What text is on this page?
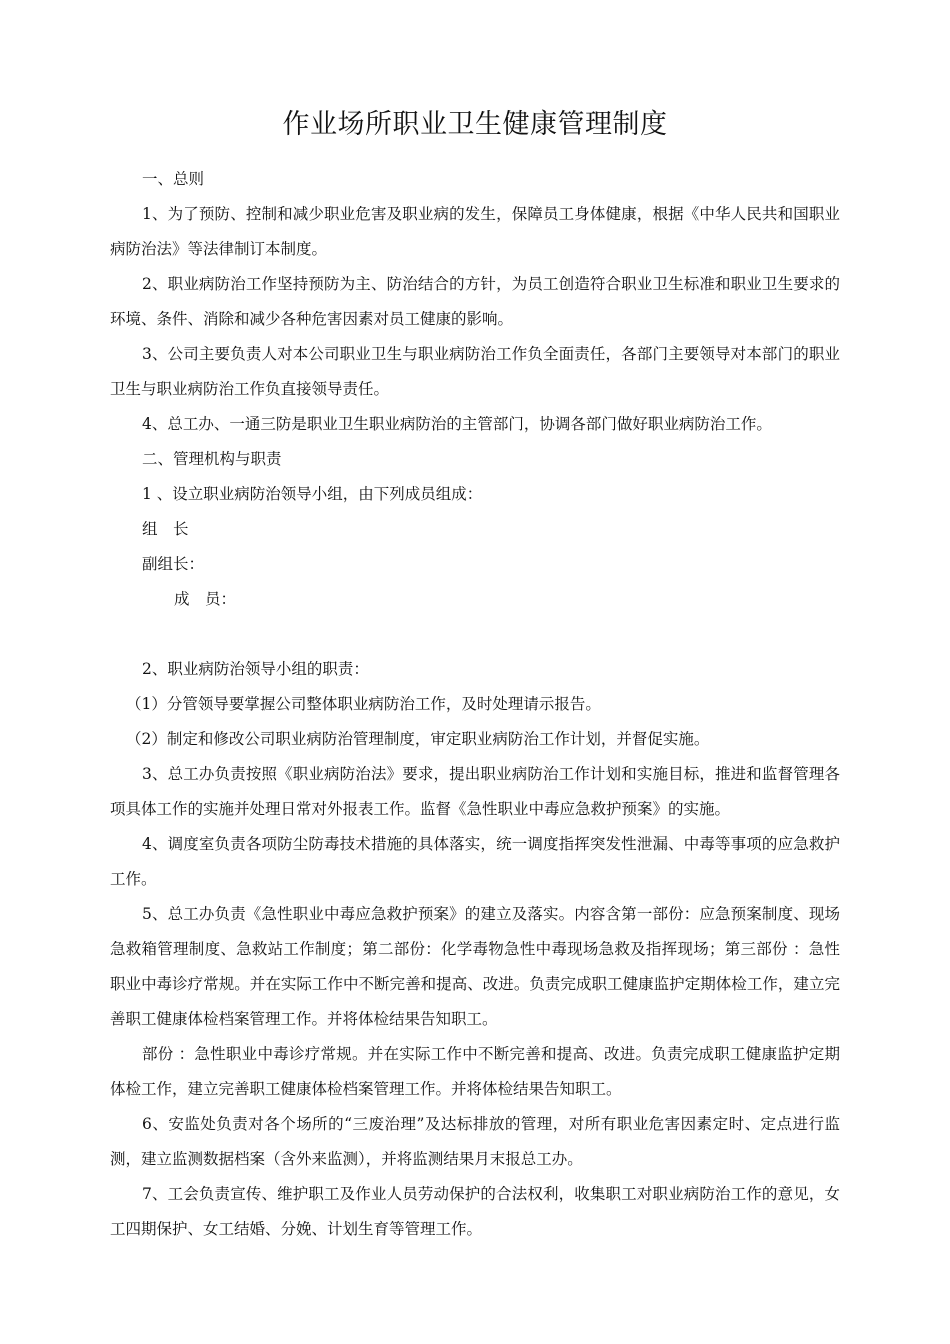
作业场所职业卫生健康管理制度

一、总则

1、为了预防、控制和减少职业危害及职业病的发生，保障员工身体健康，根据《中华人民共和国职业病防治法》等法律制订本制度。

2、职业病防治工作坚持预防为主、防治结合的方针，为员工创造符合职业卫生标准和职业卫生要求的环境、条件、消除和减少各种危害因素对员工健康的影响。

3、公司主要负责人对本公司职业卫生与职业病防治工作负全面责任，各部门主要领导对本部门的职业卫生与职业病防治工作负直接领导责任。

4、总工办、一通三防是职业卫生职业病防治的主管部门，协调各部门做好职业病防治工作。

二、管理机构与职责

1 、设立职业病防治领导小组，由下列成员组成：

组　长

副组长：

成　员：

2、职业病防治领导小组的职责：

（1）分管领导要掌握公司整体职业病防治工作，及时处理请示报告。

（2）制定和修改公司职业病防治管理制度，审定职业病防治工作计划，并督促实施。

3、总工办负责按照《职业病防治法》要求，提出职业病防治工作计划和实施目标，推进和监督管理各项具体工作的实施并处理日常对外报表工作。监督《急性职业中毒应急救护预案》的实施。

4、调度室负责各项防尘防毒技术措施的具体落实，统一调度指挥突发性泄漏、中毒等事项的应急救护工作。

5、总工办负责《急性职业中毒应急救护预案》的建立及落实。内容含第一部份：应急预案制度、现场急救箱管理制度、急救站工作制度；第二部份：化学毒物急性中毒现场急救及指挥现场；第三部份 ：急性职业中毒诊疗常规。并在实际工作中不断完善和提高、改进。负责完成职工健康监护定期体检工作，建立完善职工健康体检档案管理工作。并将体检结果告知职工。

部份 ：急性职业中毒诊疗常规。并在实际工作中不断完善和提高、改进。负责完成职工健康监护定期体检工作，建立完善职工健康体检档案管理工作。并将体检结果告知职工。

6、安监处负责对各个场所的“三废治理”及达标排放的管理，对所有职业危害因素定时、定点进行监测，建立监测数据档案（含外来监测），并将监测结果月末报总工办。

7、工会负责宣传、维护职工及作业人员劳动保护的合法权利，收集职工对职业病防治工作的意见，女工四期保护、女工结婚、分娩、计划生育等管理工作。
